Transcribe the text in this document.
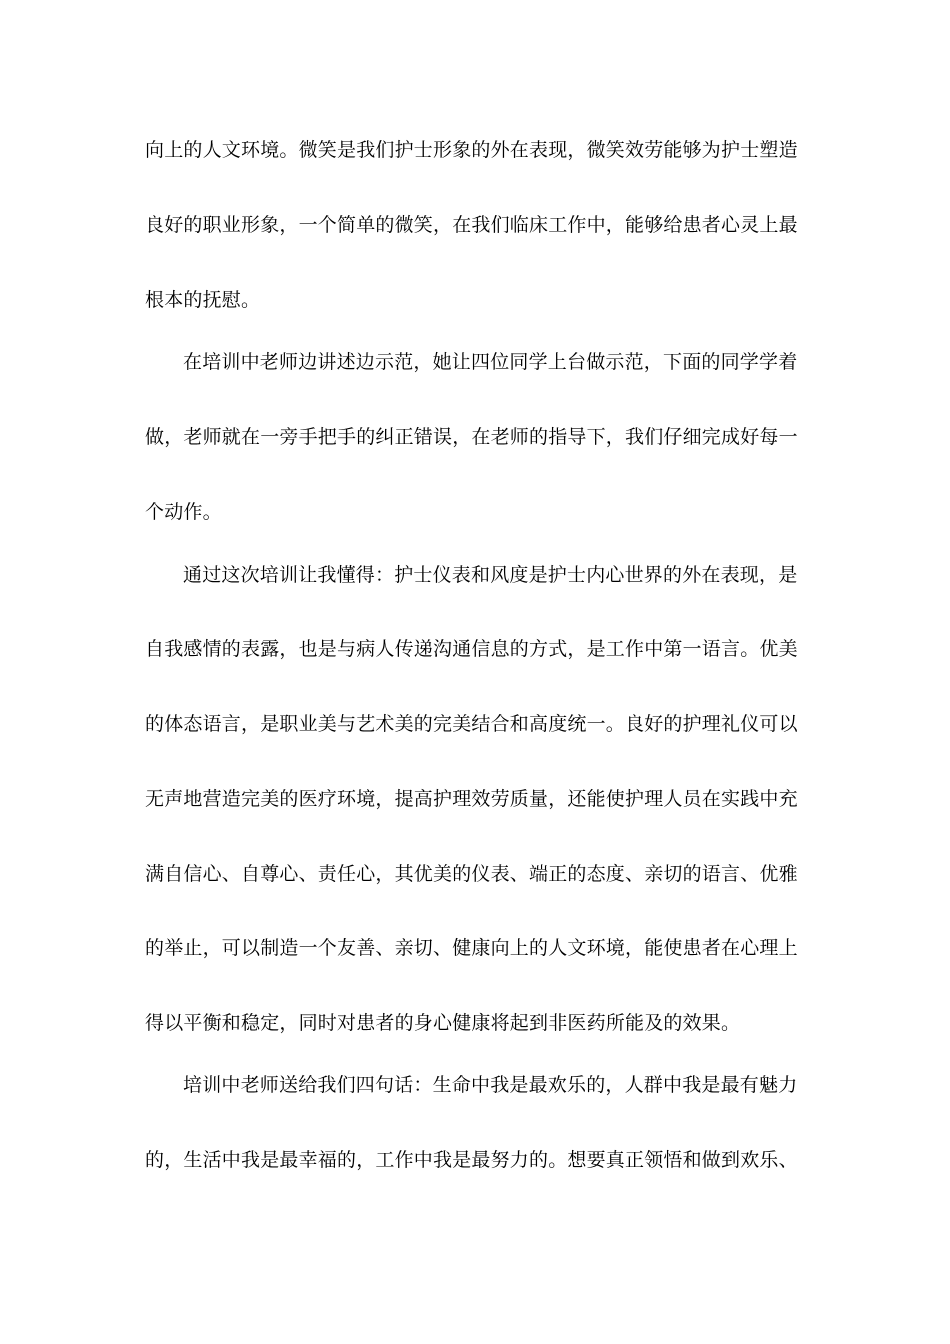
向上的人文环境。微笑是我们护士形象的外在表现，微笑效劳能够为护士塑造
良好的职业形象，一个简单的微笑，在我们临床工作中，能够给患者心灵上最
根本的抚慰。
在培训中老师边讲述边示范，她让四位同学上台做示范，下面的同学学着
做，老师就在一旁手把手的纠正错误，在老师的指导下，我们仔细完成好每一
个动作。
通过这次培训让我懂得：护士仪表和风度是护士内心世界的外在表现，是
自我感情的表露，也是与病人传递沟通信息的方式，是工作中第一语言。优美
的体态语言，是职业美与艺术美的完美结合和高度统一。良好的护理礼仪可以
无声地营造完美的医疗环境，提高护理效劳质量，还能使护理人员在实践中充
满自信心、自尊心、责任心，其优美的仪表、端正的态度、亲切的语言、优雅
的举止，可以制造一个友善、亲切、健康向上的人文环境，能使患者在心理上
得以平衡和稳定，同时对患者的身心健康将起到非医药所能及的效果。
培训中老师送给我们四句话：生命中我是最欢乐的，人群中我是最有魅力
的，生活中我是最幸福的，工作中我是最努力的。想要真正领悟和做到欢乐、
